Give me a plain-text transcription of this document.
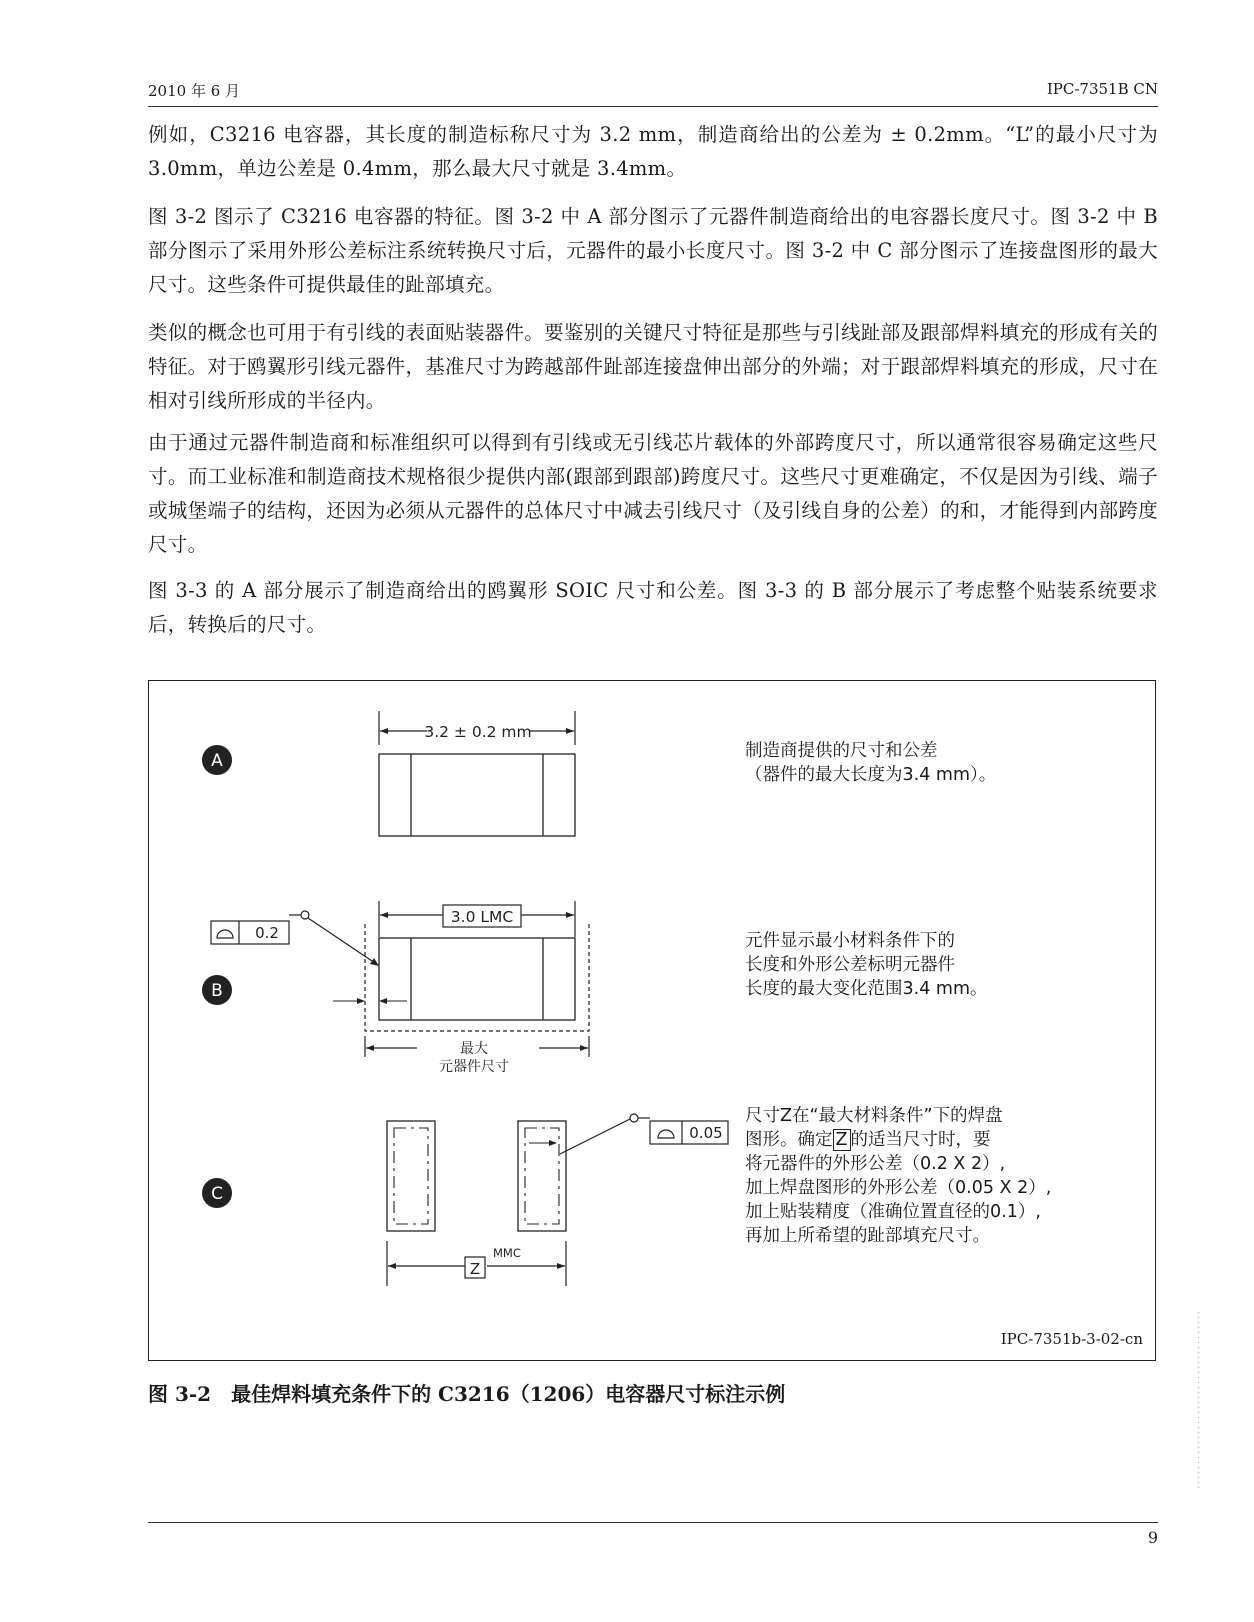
2010 年 6 月	IPC-7351B CN

例如，C3216 电容器，其长度的制造标称尺寸为 3.2 mm，制造商给出的公差为 ± 0.2mm。“L”的最小尺寸为 3.0mm，单边公差是 0.4mm，那么最大尺寸就是 3.4mm。

图 3-2 图示了 C3216 电容器的特征。图 3-2 中 A 部分图示了元器件制造商给出的电容器长度尺寸。图 3-2 中 B 部分图示了采用外形公差标注系统转换尺寸后，元器件的最小长度尺寸。图 3-2 中 C 部分图示了连接盘图形的最大尺寸。这些条件可提供最佳的趾部填充。

类似的概念也可用于有引线的表面贴装器件。要鉴别的关键尺寸特征是那些与引线趾部及跟部焊料填充的形成有关的特征。对于鸥翼形引线元器件，基准尺寸为跨越部件趾部连接盘伸出部分的外端；对于跟部焊料填充的形成，尺寸在相对引线所形成的半径内。

由于通过元器件制造商和标准组织可以得到有引线或无引线芯片载体的外部跨度尺寸，所以通常很容易确定这些尺寸。而工业标准和制造商技术规格很少提供内部(跟部到跟部)跨度尺寸。这些尺寸更难确定，不仅是因为引线、端子或城堡端子的结构，还因为必须从元器件的总体尺寸中减去引线尺寸（及引线自身的公差）的和，才能得到内部跨度尺寸。

图 3-3 的 A 部分展示了制造商给出的鸥翼形 SOIC 尺寸和公差。图 3-3 的 B 部分展示了考虑整个贴装系统要求后，转换后的尺寸。

A
3.2 ± 0.2 mm
B
0.2
3.0 LMC
最大
元器件尺寸
C
0.05
Z
MMC
制造商提供的尺寸和公差
（器件的最大长度为3.4 mm）。
元件显示最小材料条件下的
长度和外形公差标明元器件
长度的最大变化范围3.4 mm。
尺寸Z在“最大材料条件”下的焊盘
图形。确定 Z 的适当尺寸时，要
将元器件的外形公差（0.2 X 2）,
加上焊盘图形的外形公差（0.05 X 2）,
加上贴装精度（准确位置直径的0.1）,
再加上所希望的趾部填充尺寸。
IPC-7351b-3-02-cn
图 3-2　最佳焊料填充条件下的 C3216（1206）电容器尺寸标注示例
9
